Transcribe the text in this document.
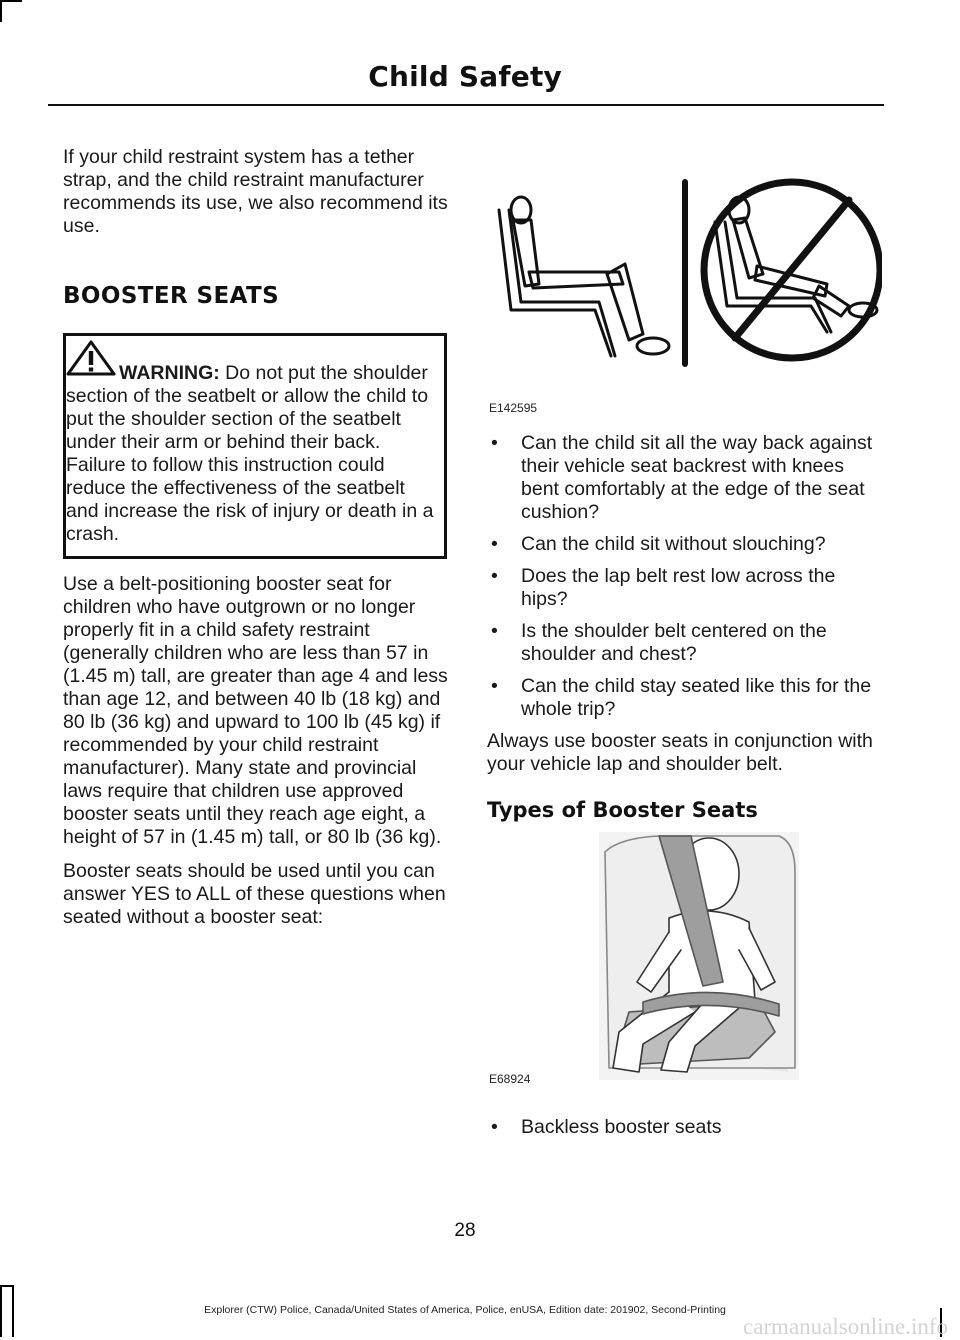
Child Safety

If your child restraint system has a tether strap, and the child restraint manufacturer recommends its use, we also recommend its use.

BOOSTER SEATS

WARNING: Do not put the shoulder section of the seatbelt or allow the child to put the shoulder section of the seatbelt under their arm or behind their back. Failure to follow this instruction could reduce the effectiveness of the seatbelt and increase the risk of injury or death in a crash.

Use a belt-positioning booster seat for children who have outgrown or no longer properly fit in a child safety restraint (generally children who are less than 57 in (1.45 m) tall, are greater than age 4 and less than age 12, and between 40 lb (18 kg) and 80 lb (36 kg) and upward to 100 lb (45 kg) if recommended by your child restraint manufacturer). Many state and provincial laws require that children use approved booster seats until they reach age eight, a height of 57 in (1.45 m) tall, or 80 lb (36 kg).

Booster seats should be used until you can answer YES to ALL of these questions when seated without a booster seat:

E142595
• Can the child sit all the way back against their vehicle seat backrest with knees bent comfortably at the edge of the seat cushion?
• Can the child sit without slouching?
• Does the lap belt rest low across the hips?
• Is the shoulder belt centered on the shoulder and chest?
• Can the child stay seated like this for the whole trip?

Always use booster seats in conjunction with your vehicle lap and shoulder belt.

Types of Booster Seats
E68924
• Backless booster seats
28
Explorer (CTW) Police, Canada/United States of America, Police, enUSA, Edition date: 201902, Second-Printing
carmanualsonline.info
